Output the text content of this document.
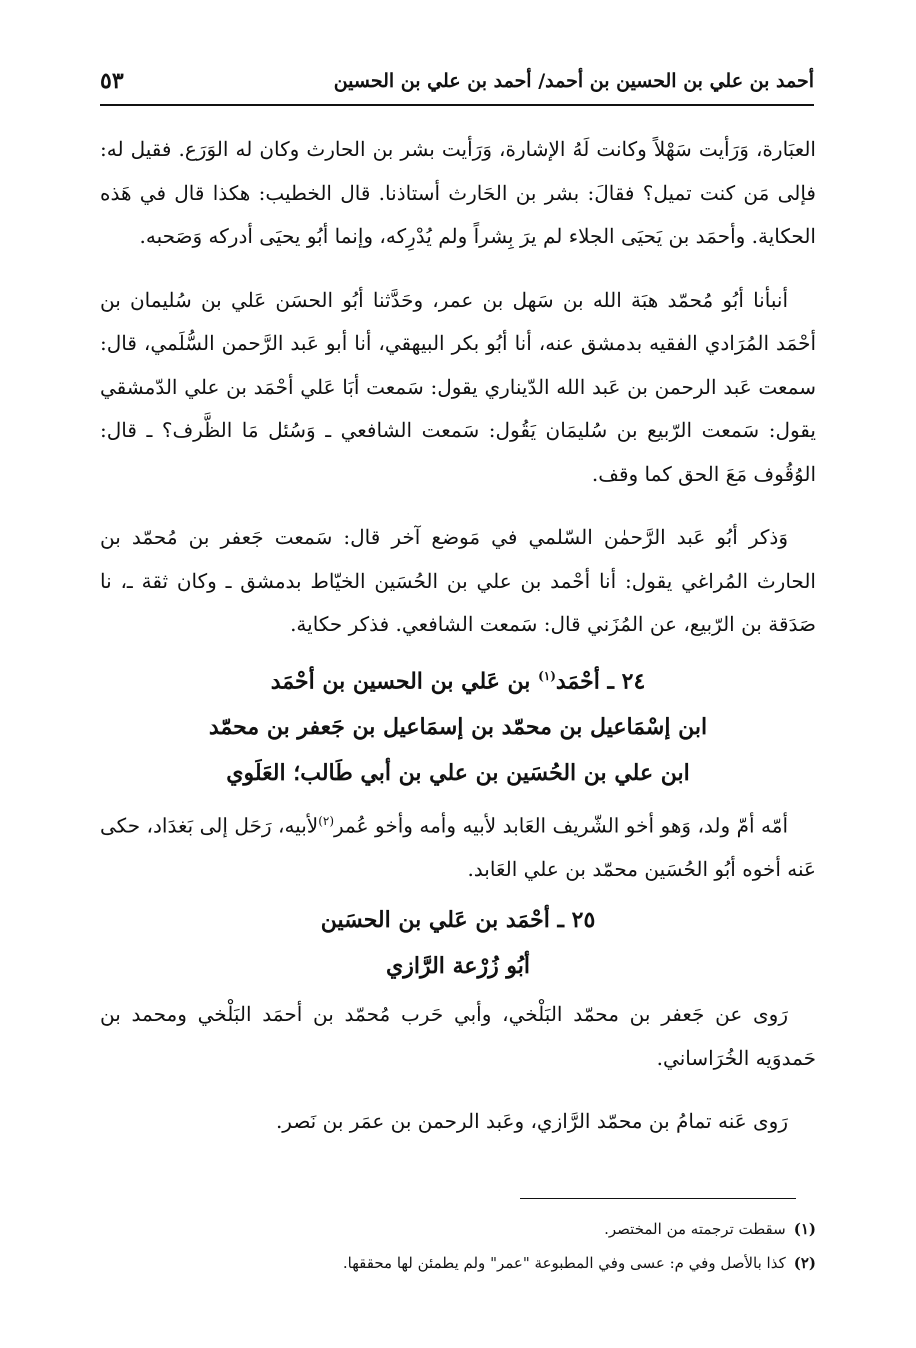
أحمد بن علي بن الحسين بن أحمد/ أحمد بن علي بن الحسين
٥٣

العبَارة، وَرَأيت سَهْلاً وكانت لَهُ الإشارة، وَرَأيت بشر بن الحارث وكان له الوَرَع. فقيل له: فإلى مَن كنت تميل؟ فقالَ: بشر بن الحَارث أستاذنا. قال الخطيب: هكذا قال في هَذه الحكاية. وأحمَد بن يَحيَى الجلاء لم يرَ بِشراً ولم يُدْرِكه، وإنما أبُو يحيَى أدركه وَصَحبه.

أنبأنا أبُو مُحمّد هبَة الله بن سَهل بن عمر، وحَدَّثنا أبُو الحسَن عَلي بن سُليمان بن أحْمَد المُرَادي الفقيه بدمشق عنه، أنا أبُو بكر البيهقي، أنا أبو عَبد الرَّحمن السُّلَمي، قال: سمعت عَبد الرحمن بن عَبد الله الدّيناري يقول: سَمعت أبَا عَلي أحْمَد بن علي الدّمشقي يقول: سَمعت الرّبيع بن سُليمَان يَقُول: سَمعت الشافعي ـ وَسُئل مَا الظَّرف؟ ـ قال: الوُقُوف مَعَ الحق كما وقف.

وَذكر أبُو عَبد الرَّحمٰن السّلمي في مَوضع آخر قال: سَمعت جَعفر بن مُحمّد بن الحارث المُراغي يقول: أنا أحْمد بن علي بن الحُسَين الخيّاط بدمشق ـ وكان ثقة ـ، نا صَدَقة بن الرّبيع، عن المُزَني قال: سَمعت الشافعي. فذكر حكاية.

٢٤ ـ أحْمَد$^{(١)}$ بن عَلي بن الحسين بن أحْمَد
ابن إسْمَاعيل بن محمّد بن إسمَاعيل بن جَعفر بن محمّد
ابن علي بن الحُسَين بن علي بن أبي طَالب؛ العَلَوي

أمّه أمّ ولد، وَهو أخو الشّريف العَابد لأبيه وأمه وأخو عُمر$^{(٢)}$لأبيه، رَحَل إلى بَغدَاد، حكى عَنه أخوه أبُو الحُسَين محمّد بن علي العَابد.

٢٥ ـ أحْمَد بن عَلي بن الحسَين
أبُو زُرْعة الرَّازي

رَوى عن جَعفر بن محمّد البَلْخي، وأبي حَرب مُحمّد بن أحمَد البَلْخي ومحمد بن حَمدوَيه الخُرَاساني.

رَوى عَنه تمامُ بن محمّد الرَّازي، وعَبد الرحمن بن عمَر بن نَصر.

(١)سقطت ترجمته من المختصر.

(٢)كذا بالأصل وفي م: عسى وفي المطبوعة "عمر" ولم يطمئن لها محققها.
